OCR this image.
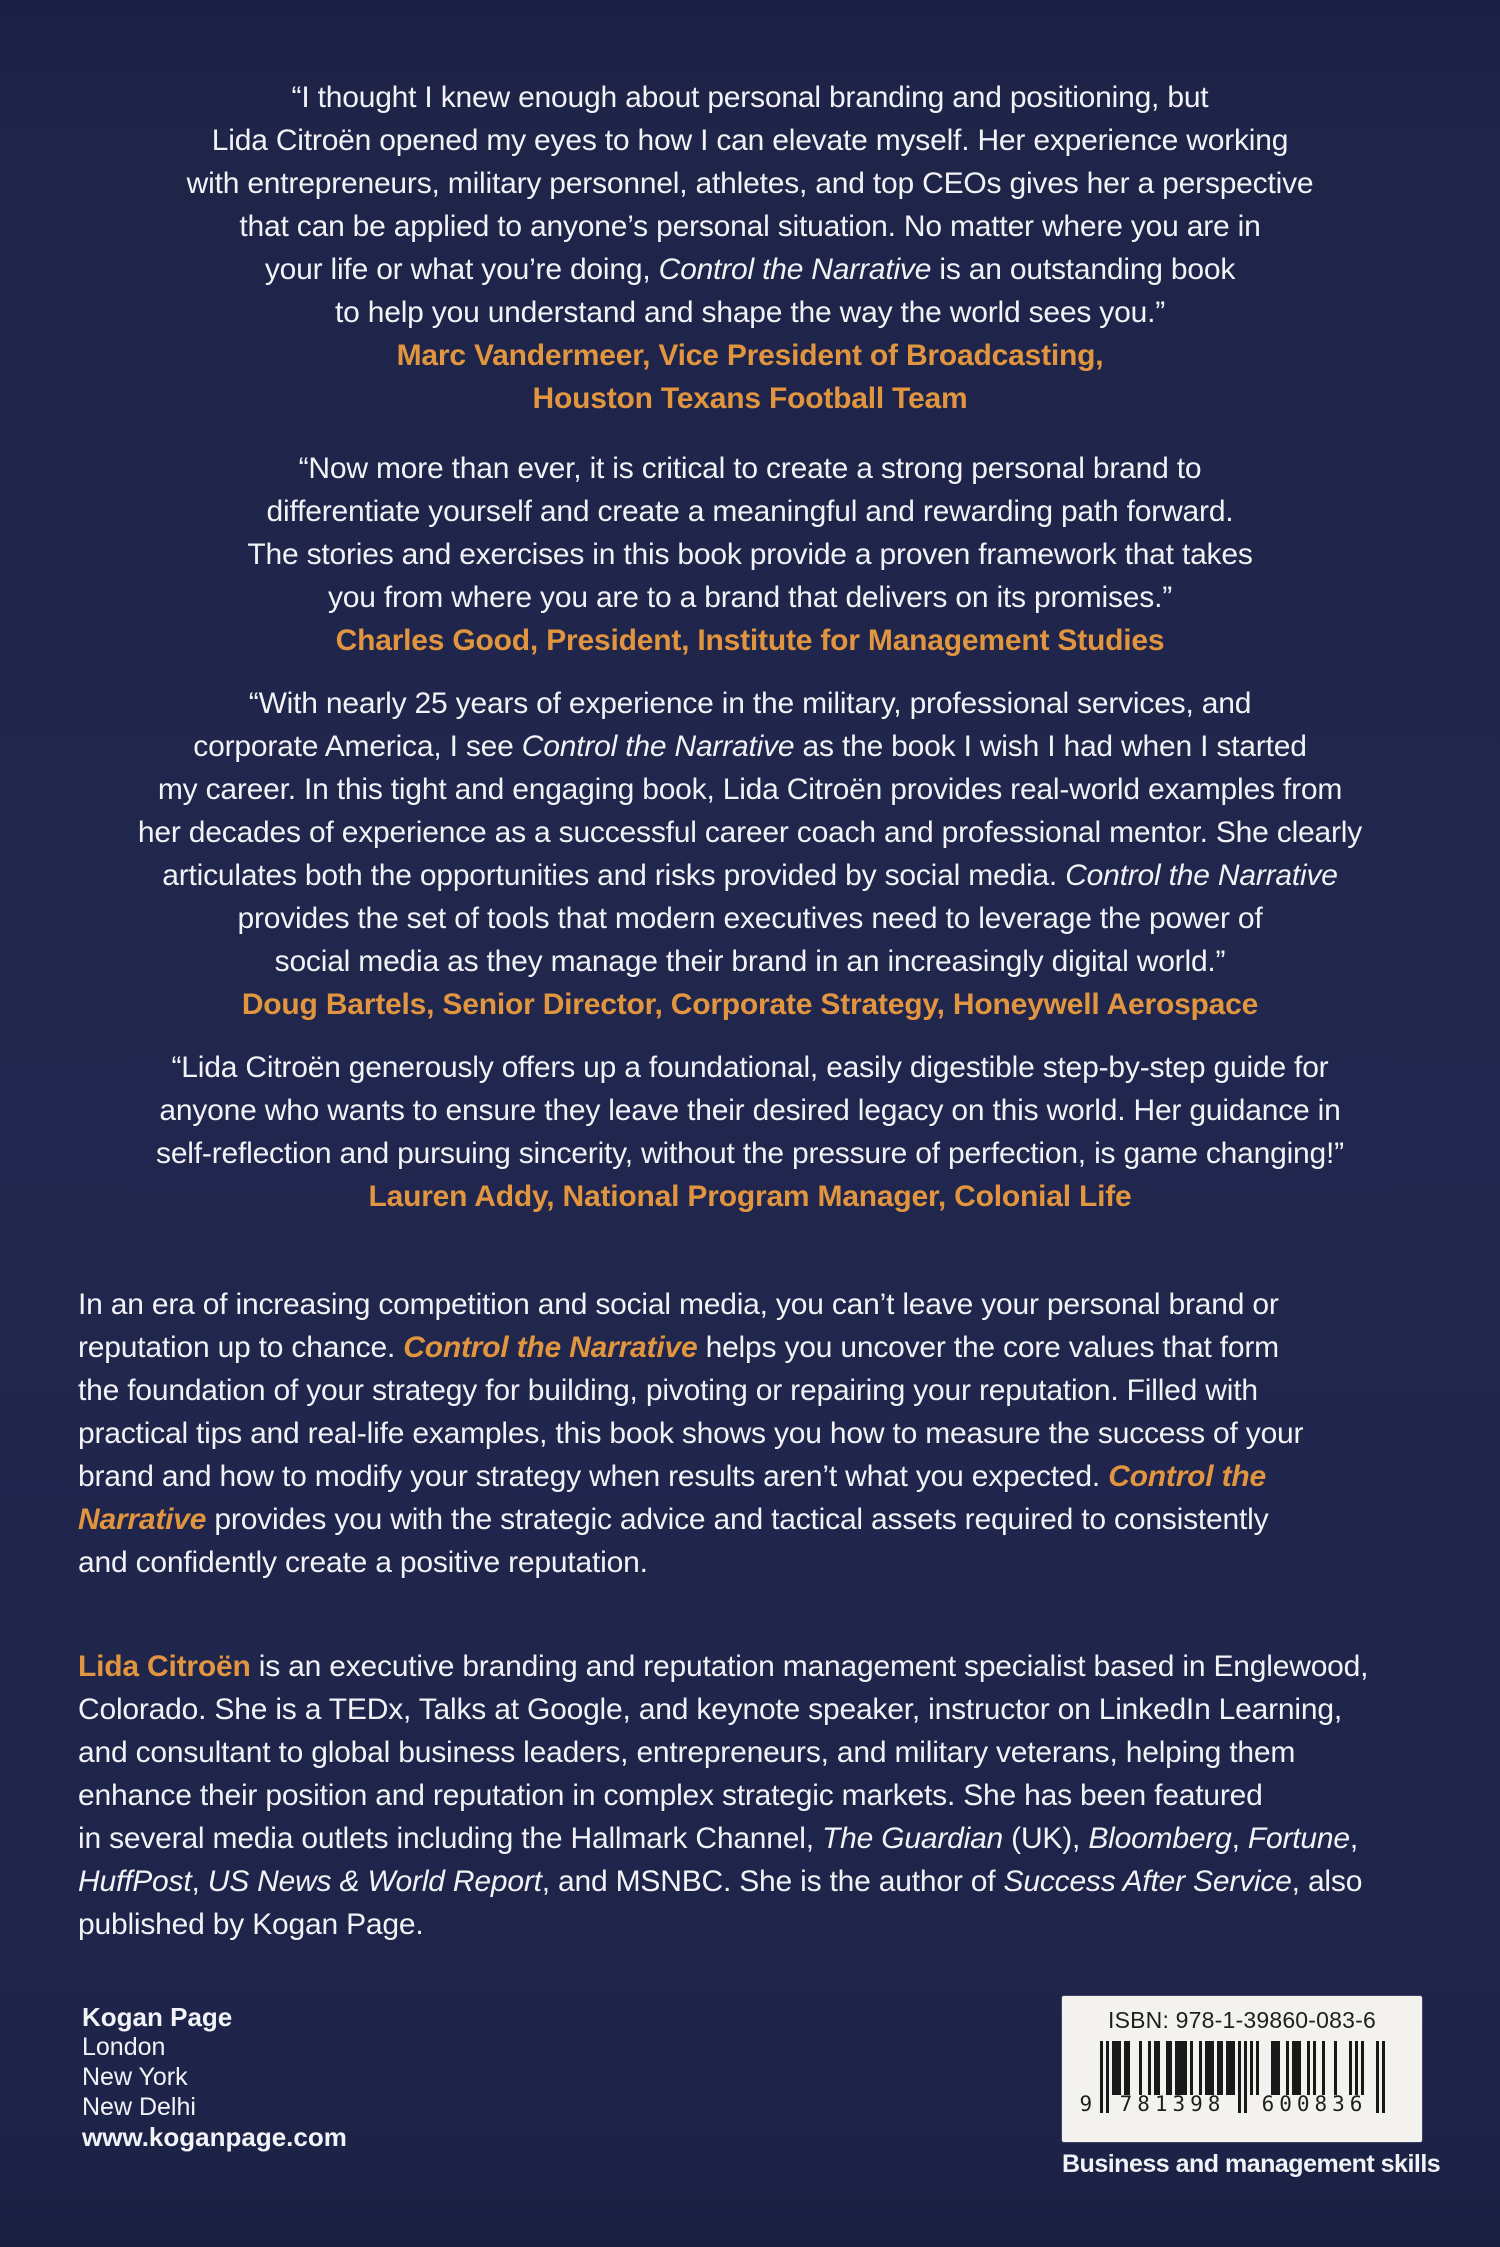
“I thought I knew enough about personal branding and positioning, but
Lida Citroën opened my eyes to how I can elevate myself. Her experience working
with entrepreneurs, military personnel, athletes, and top CEOs gives her a perspective
that can be applied to anyone’s personal situation. No matter where you are in
your life or what you’re doing, Control the Narrative is an outstanding book
to help you understand and shape the way the world sees you.”
Marc Vandermeer, Vice President of Broadcasting,
Houston Texans Football Team
“Now more than ever, it is critical to create a strong personal brand to
differentiate yourself and create a meaningful and rewarding path forward.
The stories and exercises in this book provide a proven framework that takes
you from where you are to a brand that delivers on its promises.”
Charles Good, President, Institute for Management Studies
“With nearly 25 years of experience in the military, professional services, and
corporate America, I see Control the Narrative as the book I wish I had when I started
my career. In this tight and engaging book, Lida Citroën provides real-world examples from
her decades of experience as a successful career coach and professional mentor. She clearly
articulates both the opportunities and risks provided by social media. Control the Narrative
provides the set of tools that modern executives need to leverage the power of
social media as they manage their brand in an increasingly digital world.”
Doug Bartels, Senior Director, Corporate Strategy, Honeywell Aerospace
“Lida Citroën generously offers up a foundational, easily digestible step-by-step guide for
anyone who wants to ensure they leave their desired legacy on this world. Her guidance in
self-reflection and pursuing sincerity, without the pressure of perfection, is game changing!”
Lauren Addy, National Program Manager, Colonial Life
In an era of increasing competition and social media, you can’t leave your personal brand or
reputation up to chance. Control the Narrative helps you uncover the core values that form
the foundation of your strategy for building, pivoting or repairing your reputation. Filled with
practical tips and real-life examples, this book shows you how to measure the success of your
brand and how to modify your strategy when results aren’t what you expected. Control the
Narrative provides you with the strategic advice and tactical assets required to consistently
and confidently create a positive reputation.
Lida Citroën is an executive branding and reputation management specialist based in Englewood,
Colorado. She is a TEDx, Talks at Google, and keynote speaker, instructor on LinkedIn Learning,
and consultant to global business leaders, entrepreneurs, and military veterans, helping them
enhance their position and reputation in complex strategic markets. She has been featured
in several media outlets including the Hallmark Channel, The Guardian (UK), Bloomberg, Fortune,
HuffPost, US News & World Report, and MSNBC. She is the author of Success After Service, also
published by Kogan Page.
Kogan Page
London
New York
New Delhi
www.koganpage.com
ISBN: 978-1-39860-083-6
9	781398	600836
Business and management skills
